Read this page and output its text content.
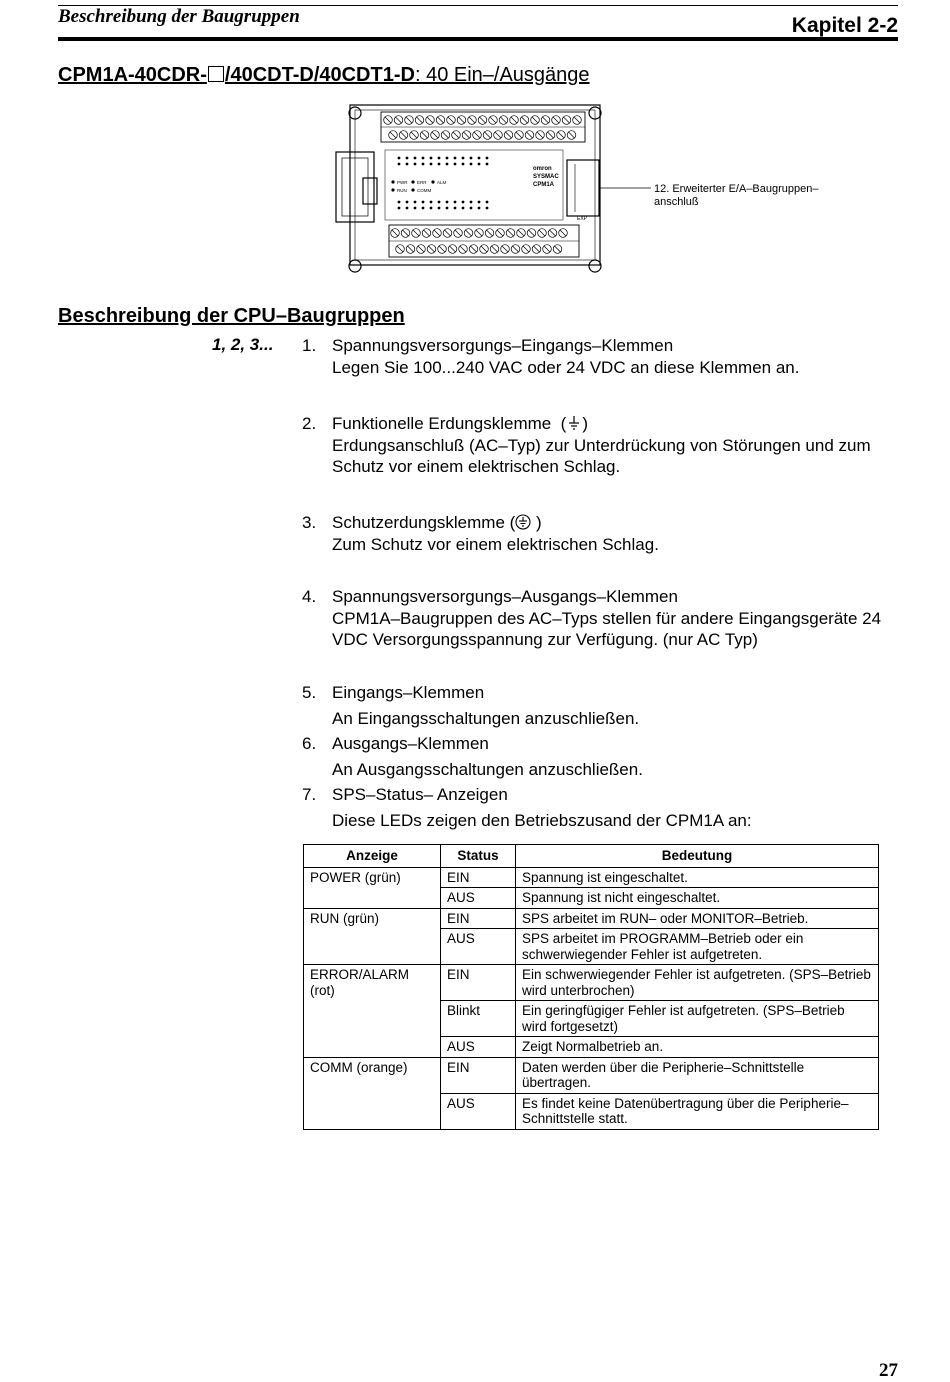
Beschreibung der Baugruppen	Kapitel 2-2
CPM1A-40CDR- /40CDT-D/40CDT1-D: 40 Ein–/Ausgänge
omron
SYSMAC
CPM1A
EXP
PWR ERR ALM
RUN COMM	12. Erweiterter E/A–Baugruppen–
anschluß
Beschreibung der CPU–Baugruppen
1, 2, 3... 1. Spannungsversorgungs–Eingangs–Klemmen
Legen Sie 100...240 VAC oder 24 VDC an diese Klemmen an.
2. Funktionelle Erdungsklemme  ( )
Erdungsanschluß (AC–Typ) zur Unterdrückung von Störungen und zum Schutz vor einem elektrischen Schlag.
3. Schutzerdungsklemme ( )
Zum Schutz vor einem elektrischen Schlag.
4. Spannungsversorgungs–Ausgangs–Klemmen
CPM1A–Baugruppen des AC–Typs stellen für andere Eingangsgeräte 24 VDC Versorgungsspannung zur Verfügung. (nur AC Typ)
5. Eingangs–Klemmen
An Eingangsschaltungen anzuschließen.
6. Ausgangs–Klemmen
An Ausgangsschaltungen anzuschließen.
7. SPS–Status– Anzeigen
Diese LEDs zeigen den Betriebszusand der CPM1A an:
Anzeige	Status	Bedeutung
POWER (grün)	EIN	Spannung ist eingeschaltet.
	AUS	Spannung ist nicht eingeschaltet.
RUN (grün)	EIN	SPS arbeitet im RUN– oder MONITOR–Betrieb.
	AUS	SPS arbeitet im PROGRAMM–Betrieb oder ein schwerwiegender Fehler ist aufgetreten.
ERROR/ALARM (rot)	EIN	Ein schwerwiegender Fehler ist aufgetreten. (SPS–Betrieb wird unterbrochen)
	Blinkt	Ein geringfügiger Fehler ist aufgetreten. (SPS–Betrieb wird fortgesetzt)
	AUS	Zeigt Normalbetrieb an.
COMM (orange)	EIN	Daten werden über die Peripherie–Schnittstelle übertragen.
	AUS	Es findet keine Datenübertragung über die Peripherie–Schnittstelle statt.
27
